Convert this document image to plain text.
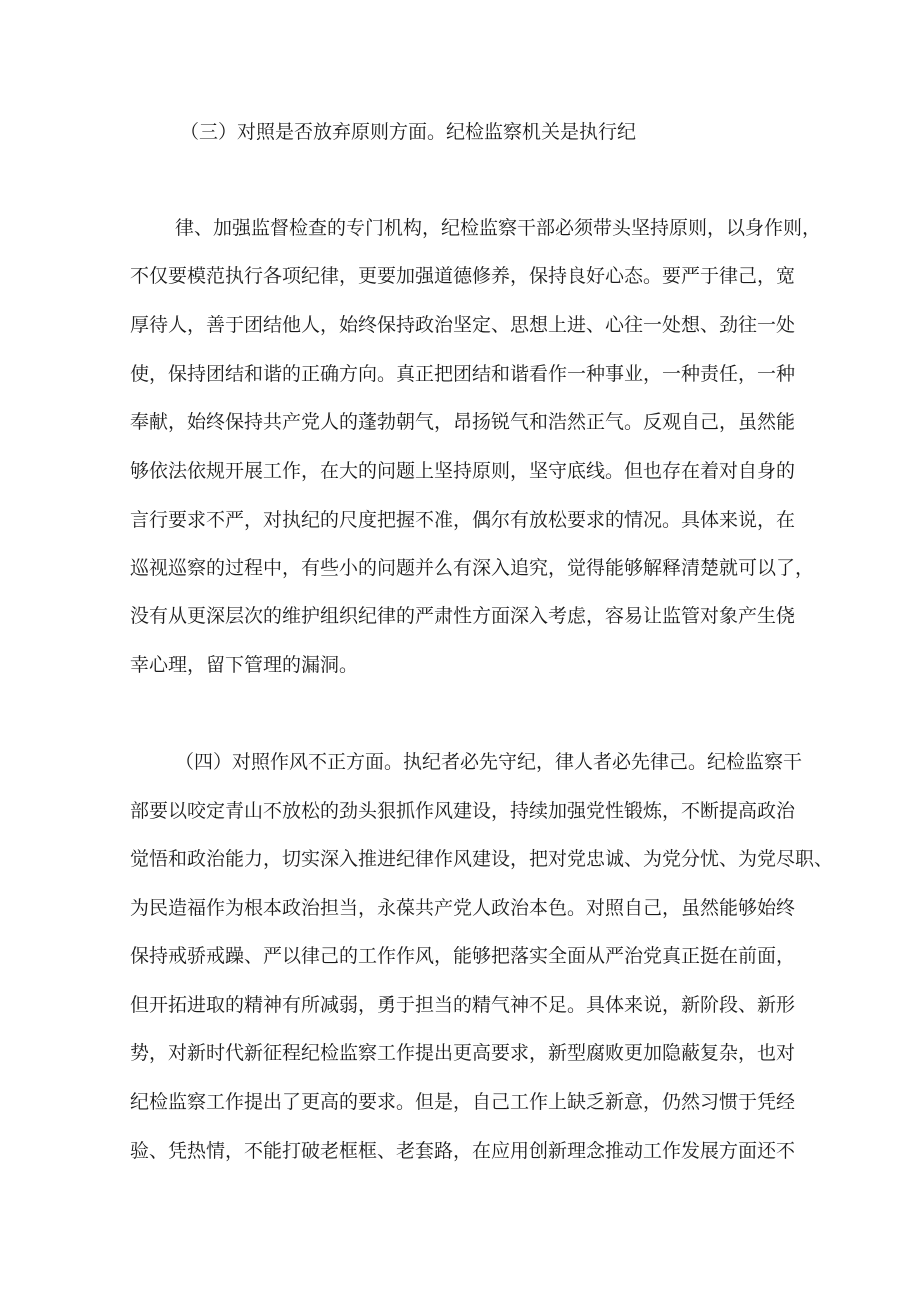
（三）对照是否放弃原则方面。纪检监察机关是执行纪
律、加强监督检查的专门机构，纪检监察干部必须带头坚持原则，以身作则，
不仅要模范执行各项纪律，更要加强道德修养，保持良好心态。要严于律己，宽
厚待人，善于团结他人，始终保持政治坚定、思想上进、心往一处想、劲往一处
使，保持团结和谐的正确方向。真正把团结和谐看作一种事业，一种责任，一种
奉献，始终保持共产党人的蓬勃朝气，昂扬锐气和浩然正气。反观自己，虽然能
够依法依规开展工作，在大的问题上坚持原则，坚守底线。但也存在着对自身的
言行要求不严，对执纪的尺度把握不准，偶尔有放松要求的情况。具体来说，在
巡视巡察的过程中，有些小的问题并么有深入追究，觉得能够解释清楚就可以了，
没有从更深层次的维护组织纪律的严肃性方面深入考虑，容易让监管对象产生侥
幸心理，留下管理的漏洞。
（四）对照作风不正方面。执纪者必先守纪，律人者必先律己。纪检监察干
部要以咬定青山不放松的劲头狠抓作风建设，持续加强党性锻炼，不断提高政治
觉悟和政治能力，切实深入推进纪律作风建设，把对党忠诚、为党分忧、为党尽职、
为民造福作为根本政治担当，永葆共产党人政治本色。对照自己，虽然能够始终
保持戒骄戒躁、严以律己的工作作风，能够把落实全面从严治党真正挺在前面，
但开拓进取的精神有所减弱，勇于担当的精气神不足。具体来说，新阶段、新形
势，对新时代新征程纪检监察工作提出更高要求，新型腐败更加隐蔽复杂，也对
纪检监察工作提出了更高的要求。但是，自己工作上缺乏新意，仍然习惯于凭经
验、凭热情，不能打破老框框、老套路，在应用创新理念推动工作发展方面还不
